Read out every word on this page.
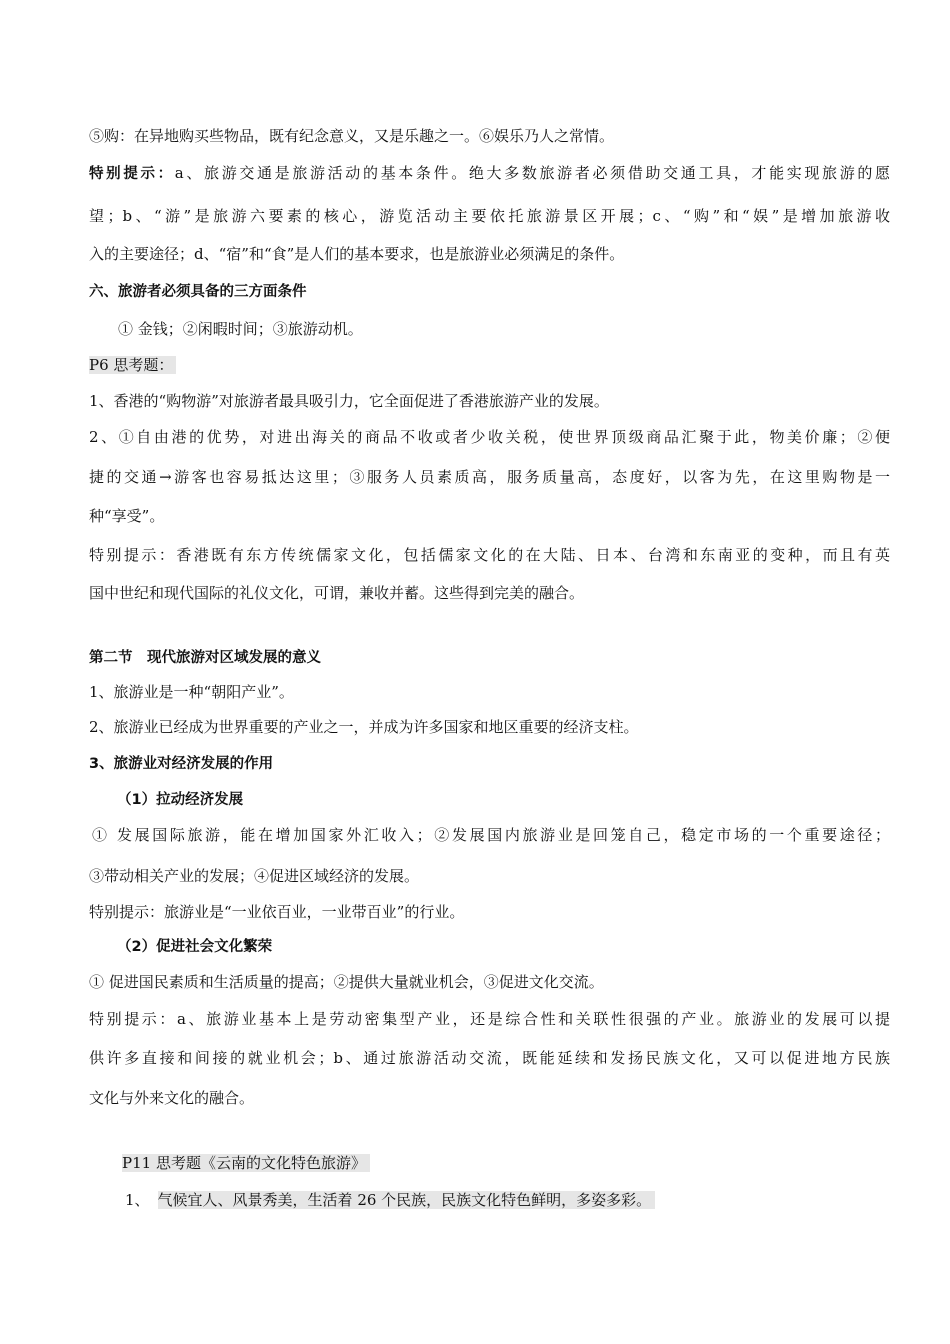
⑤购：在异地购买些物品，既有纪念意义，又是乐趣之一。⑥娱乐乃人之常情。
特别提示：a、旅游交通是旅游活动的基本条件。绝大多数旅游者必须借助交通工具，才能实现旅游的愿
望；b、“游”是旅游六要素的核心，游览活动主要依托旅游景区开展；c、“购”和“娱”是增加旅游收
入的主要途径；d、“宿”和“食”是人们的基本要求，也是旅游业必须满足的条件。
六、旅游者必须具备的三方面条件
① 金钱；②闲暇时间；③旅游动机。
P6 思考题：
1、香港的“购物游”对旅游者最具吸引力，它全面促进了香港旅游产业的发展。
2、①自由港的优势，对进出海关的商品不收或者少收关税，使世界顶级商品汇聚于此，物美价廉；②便
捷的交通→游客也容易抵达这里；③服务人员素质高，服务质量高，态度好，以客为先，在这里购物是一
种“享受”。
特别提示：香港既有东方传统儒家文化，包括儒家文化的在大陆、日本、台湾和东南亚的变种，而且有英
国中世纪和现代国际的礼仪文化，可谓，兼收并蓄。这些得到完美的融合。
第二节　现代旅游对区域发展的意义
1、旅游业是一种“朝阳产业”。
2、旅游业已经成为世界重要的产业之一，并成为许多国家和地区重要的经济支柱。
3、旅游业对经济发展的作用
（1）拉动经济发展
① 发展国际旅游，能在增加国家外汇收入；②发展国内旅游业是回笼自己，稳定市场的一个重要途径；
③带动相关产业的发展；④促进区域经济的发展。
特别提示：旅游业是“一业依百业，一业带百业”的行业。
（2）促进社会文化繁荣
① 促进国民素质和生活质量的提高；②提供大量就业机会，③促进文化交流。
特别提示：a、旅游业基本上是劳动密集型产业，还是综合性和关联性很强的产业。旅游业的发展可以提
供许多直接和间接的就业机会；b、通过旅游活动交流，既能延续和发扬民族文化，又可以促进地方民族
文化与外来文化的融合。
P11 思考题《云南的文化特色旅游》
1、 气候宜人、风景秀美，生活着 26 个民族，民族文化特色鲜明，多姿多彩。
